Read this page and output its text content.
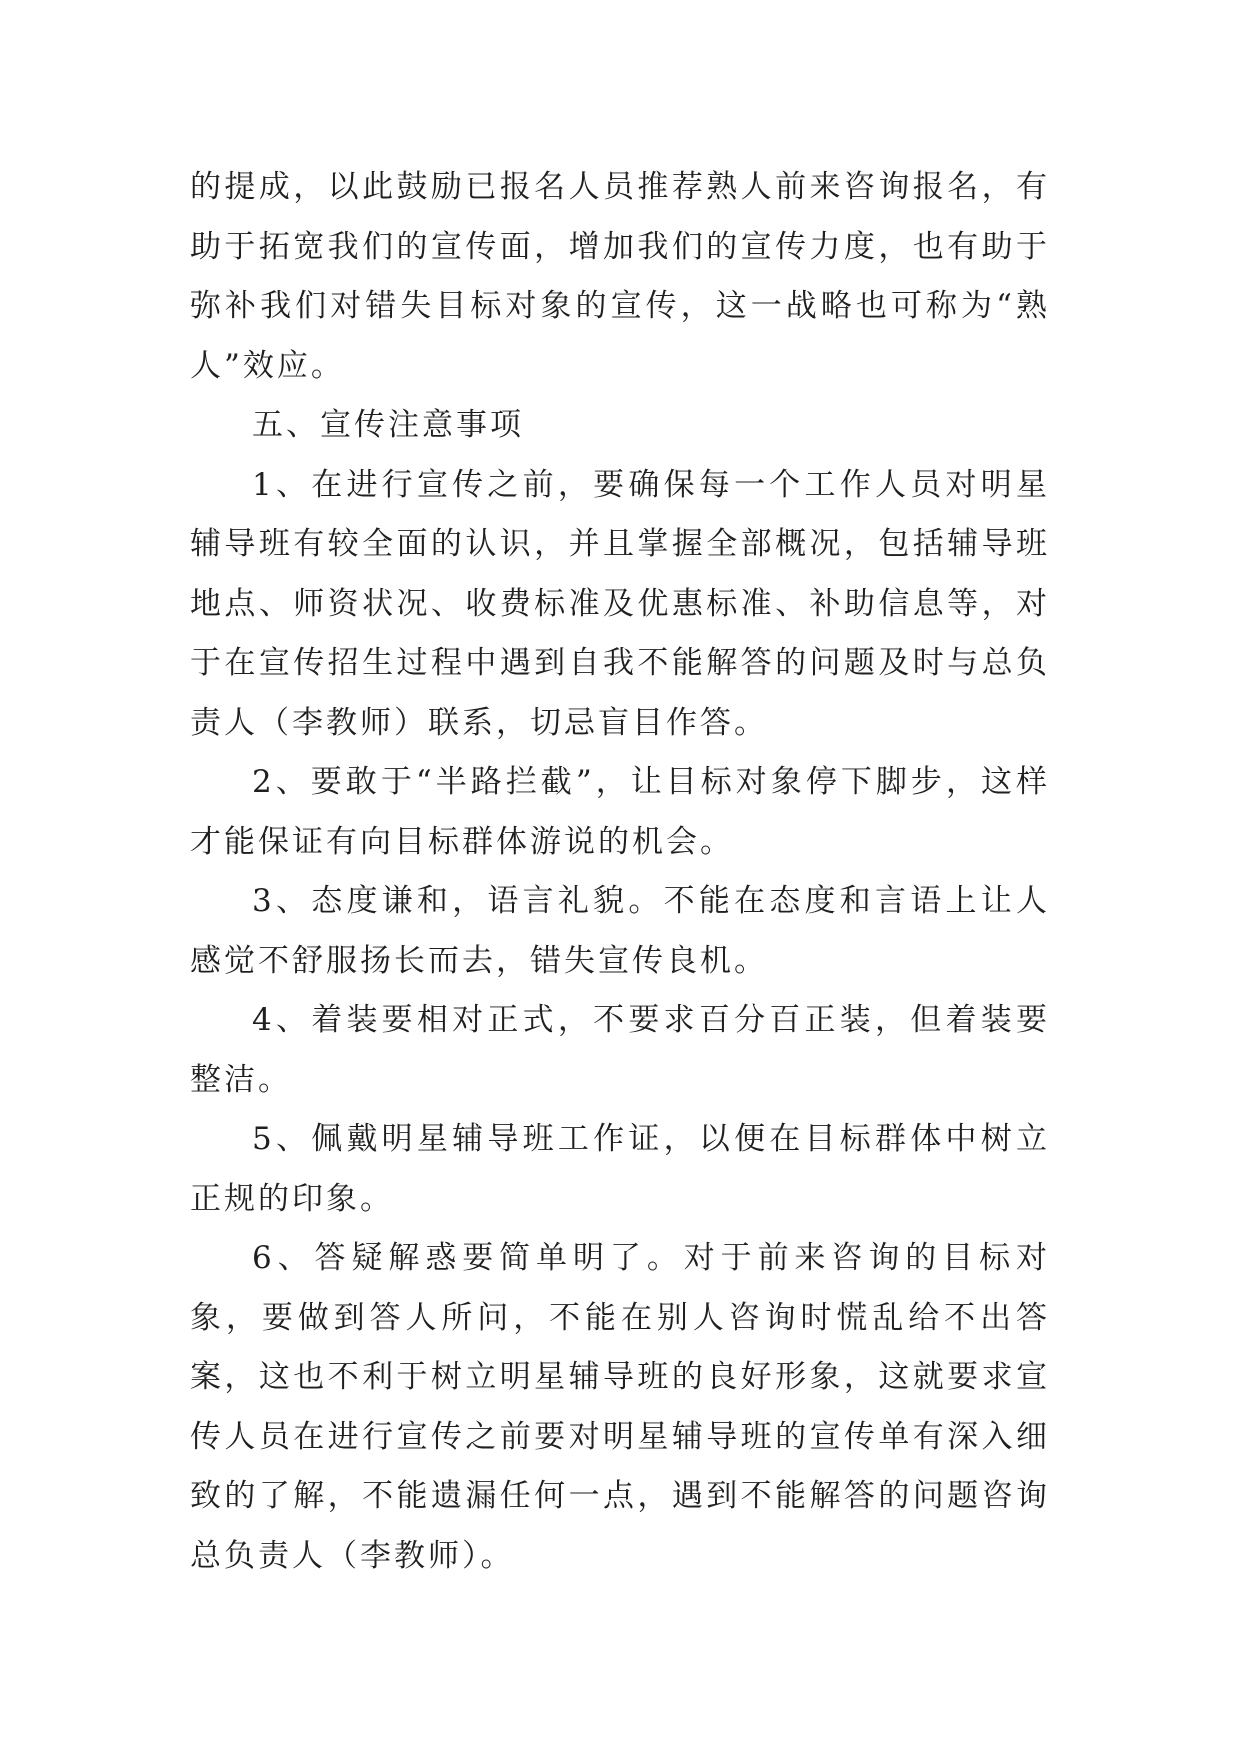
的提成，以此鼓励已报名人员推荐熟人前来咨询报名，有助于拓宽我们的宣传面，增加我们的宣传力度，也有助于弥补我们对错失目标对象的宣传，这一战略也可称为“熟人”效应。

五、宣传注意事项

1、在进行宣传之前，要确保每一个工作人员对明星辅导班有较全面的认识，并且掌握全部概况，包括辅导班地点、师资状况、收费标准及优惠标准、补助信息等，对于在宣传招生过程中遇到自我不能解答的问题及时与总负责人（李教师）联系，切忌盲目作答。

2、要敢于“半路拦截”，让目标对象停下脚步，这样才能保证有向目标群体游说的机会。

3、态度谦和，语言礼貌。不能在态度和言语上让人感觉不舒服扬长而去，错失宣传良机。

4、着装要相对正式，不要求百分百正装，但着装要整洁。

5、佩戴明星辅导班工作证，以便在目标群体中树立正规的印象。

6、答疑解惑要简单明了。对于前来咨询的目标对象，要做到答人所问，不能在别人咨询时慌乱给不出答案，这也不利于树立明星辅导班的良好形象，这就要求宣传人员在进行宣传之前要对明星辅导班的宣传单有深入细致的了解，不能遗漏任何一点，遇到不能解答的问题咨询总负责人（李教师）。
